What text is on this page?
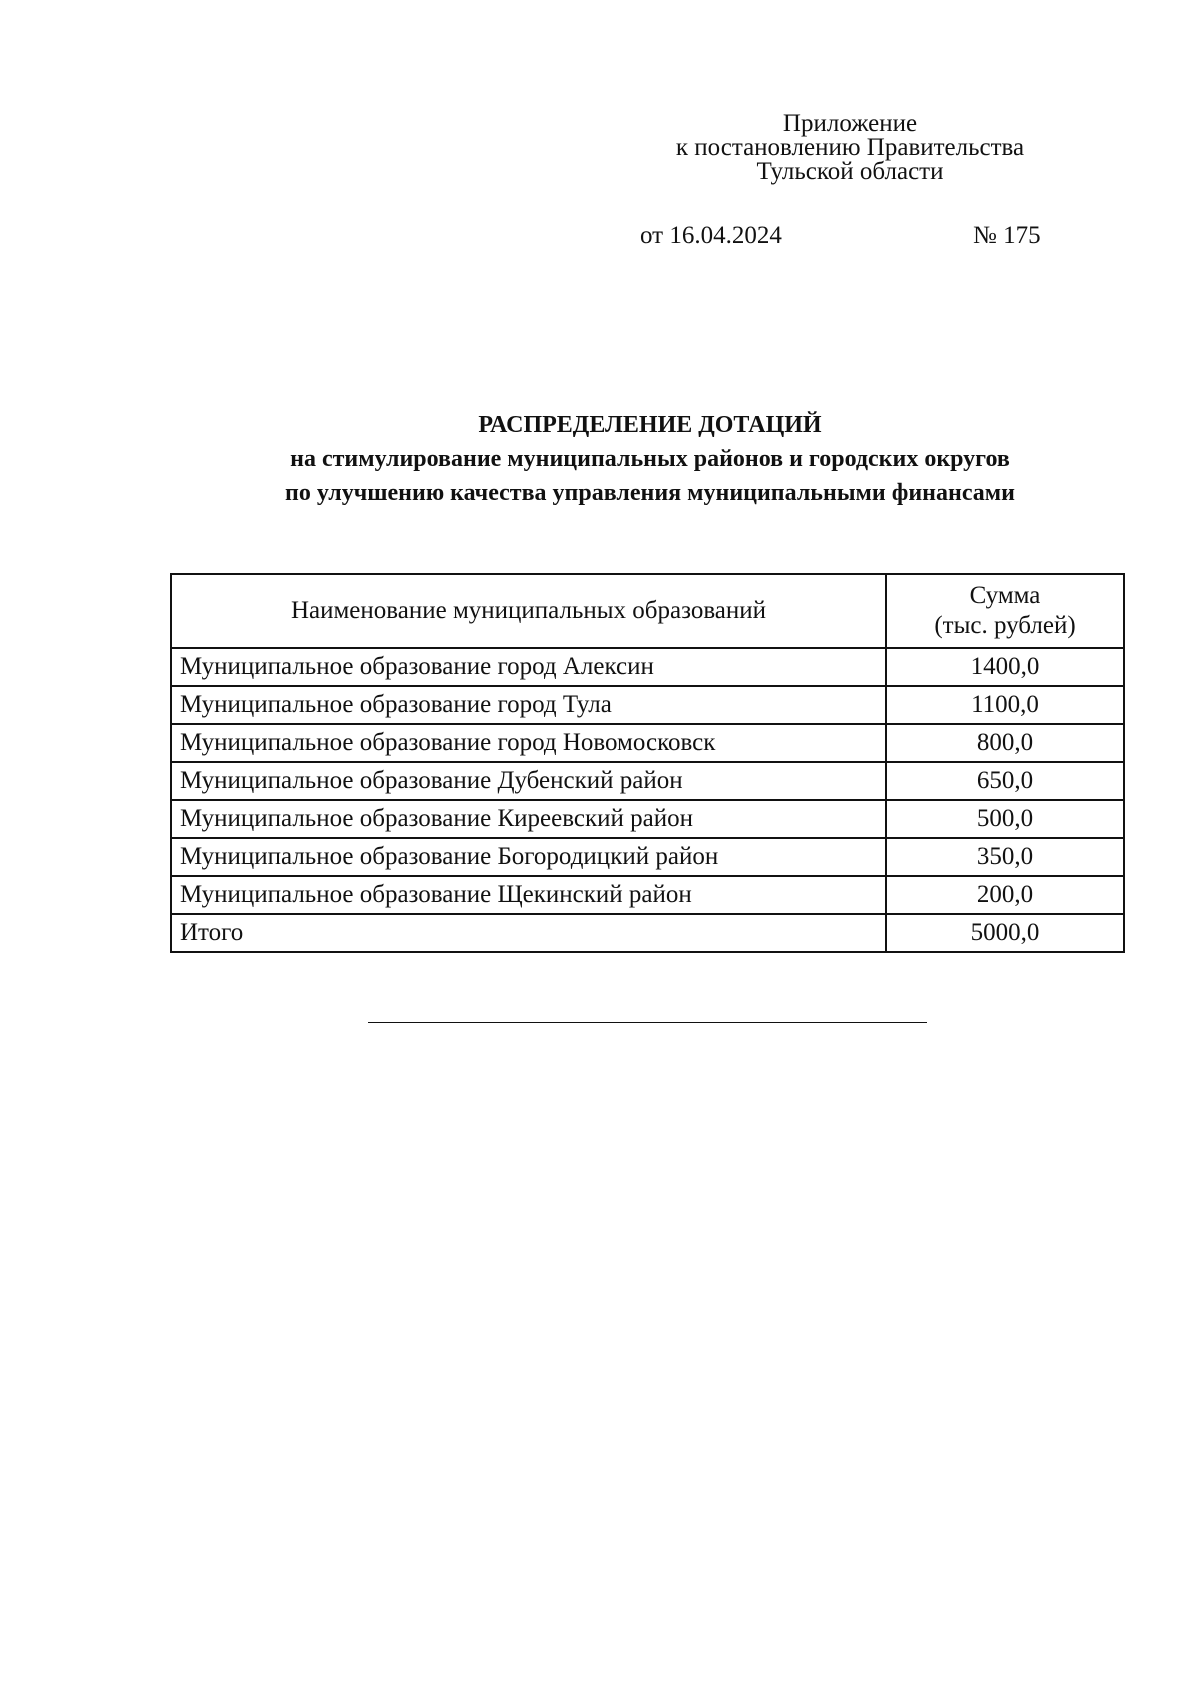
Приложение
к постановлению Правительства
Тульской области
от 16.04.2024	№ 175
РАСПРЕДЕЛЕНИЕ ДОТАЦИЙ
на стимулирование муниципальных районов и городских округов
по улучшению качества управления муниципальными финансами
Наименование муниципальных образований	Сумма
(тыс. рублей)

Муниципальное образование город Алексин	1400,0
Муниципальное образование город Тула	1100,0
Муниципальное образование город Новомосковск	800,0
Муниципальное образование Дубенский район	650,0
Муниципальное образование Киреевский район	500,0
Муниципальное образование Богородицкий район	350,0
Муниципальное образование Щекинский район	200,0
Итого	5000,0
